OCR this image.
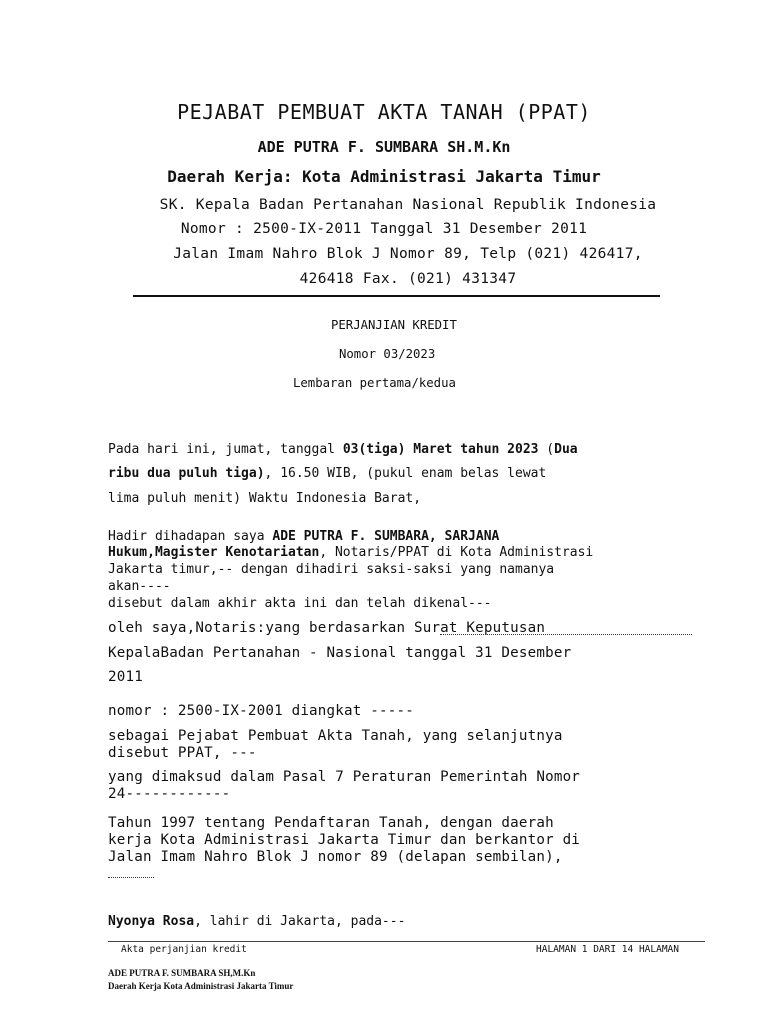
PEJABAT PEMBUAT AKTA TANAH (PPAT)
ADE PUTRA F. SUMBARA SH.M.Kn
Daerah Kerja: Kota Administrasi Jakarta Timur
SK. Kepala Badan Pertanahan Nasional Republik Indonesia
Nomor : 2500-IX-2011 Tanggal 31 Desember 2011
Jalan Imam Nahro Blok J Nomor 89, Telp (021) 426417,
426418 Fax. (021) 431347
PERJANJIAN KREDIT
Nomor 03/2023
Lembaran pertama/kedua
Pada hari ini, jumat, tanggal 03(tiga) Maret tahun 2023 (Dua
ribu dua puluh tiga), 16.50 WIB, (pukul enam belas lewat
lima puluh menit) Waktu Indonesia Barat,
Hadir dihadapan saya ADE PUTRA F. SUMBARA, SARJANA
Hukum,Magister Kenotariatan, Notaris/PPAT di Kota Administrasi
Jakarta timur,-- dengan dihadiri saksi-saksi yang namanya
akan----
disebut dalam akhir akta ini dan telah dikenal---
oleh saya,Notaris:yang berdasarkan Surat Keputusan
KepalaBadan Pertanahan - Nasional tanggal 31 Desember
2011
nomor : 2500-IX-2001 diangkat -----
sebagai Pejabat Pembuat Akta Tanah, yang selanjutnya
disebut PPAT, ---
yang dimaksud dalam Pasal 7 Peraturan Pemerintah Nomor
24------------
Tahun 1997 tentang Pendaftaran Tanah, dengan daerah
kerja Kota Administrasi Jakarta Timur dan berkantor di
Jalan Imam Nahro Blok J nomor 89 (delapan sembilan),
Nyonya Rosa, lahir di Jakarta, pada---
Akta perjanjian kredit	HALAMAN 1 DARI 14 HALAMAN
ADE PUTRA F. SUMBARA SH,M.Kn
Daerah Kerja Kota Administrasi Jakarta Timur
